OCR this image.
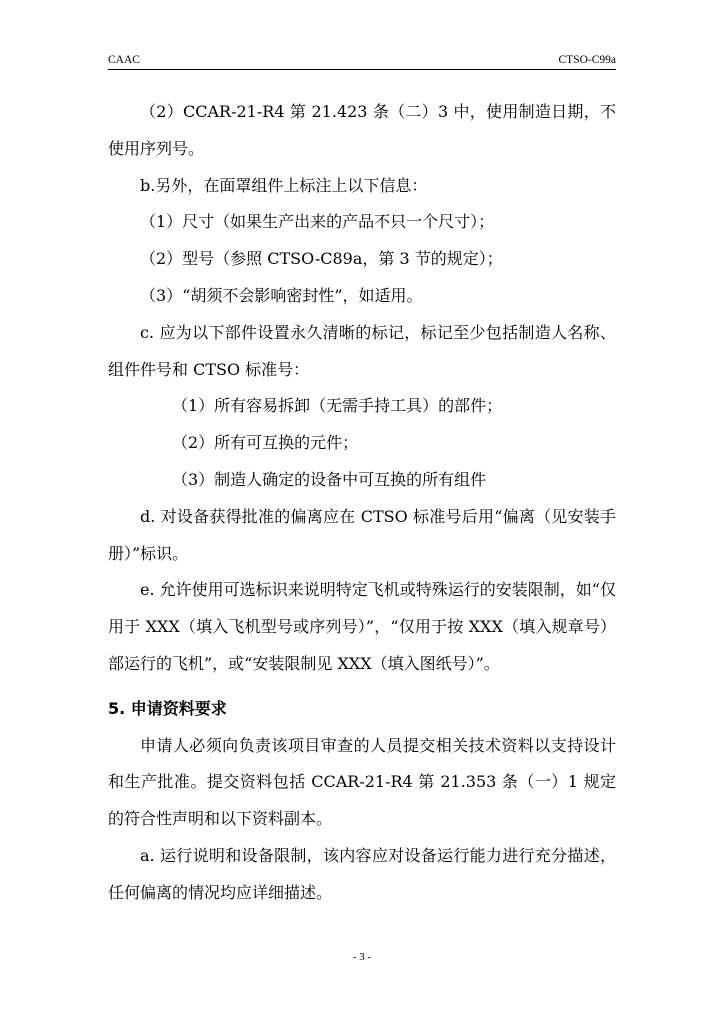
CAAC	CTSO-C99a

（2）CCAR-21-R4 第 21.423 条（二）3 中，使用制造日期，不使用序列号。

b.另外，在面罩组件上标注上以下信息：

（1）尺寸（如果生产出来的产品不只一个尺寸）；

（2）型号（参照 CTSO-C89a，第 3 节的规定）；

（3）“胡须不会影响密封性”，如适用。

c. 应为以下部件设置永久清晰的标记，标记至少包括制造人名称、组件件号和 CTSO 标准号：

（1）所有容易拆卸（无需手持工具）的部件；

（2）所有可互换的元件；

（3）制造人确定的设备中可互换的所有组件

d. 对设备获得批准的偏离应在 CTSO 标准号后用“偏离（见安装手册）”标识。

e. 允许使用可选标识来说明特定飞机或特殊运行的安装限制，如“仅用于 XXX（填入飞机型号或序列号）”，“仅用于按 XXX（填入规章号）部运行的飞机”，或“安装限制见 XXX（填入图纸号）”。

5. 申请资料要求

申请人必须向负责该项目审查的人员提交相关技术资料以支持设计和生产批准。提交资料包括 CCAR-21-R4 第 21.353 条（一）1 规定的符合性声明和以下资料副本。

a. 运行说明和设备限制，该内容应对设备运行能力进行充分描述，任何偏离的情况均应详细描述。

- 3 -
